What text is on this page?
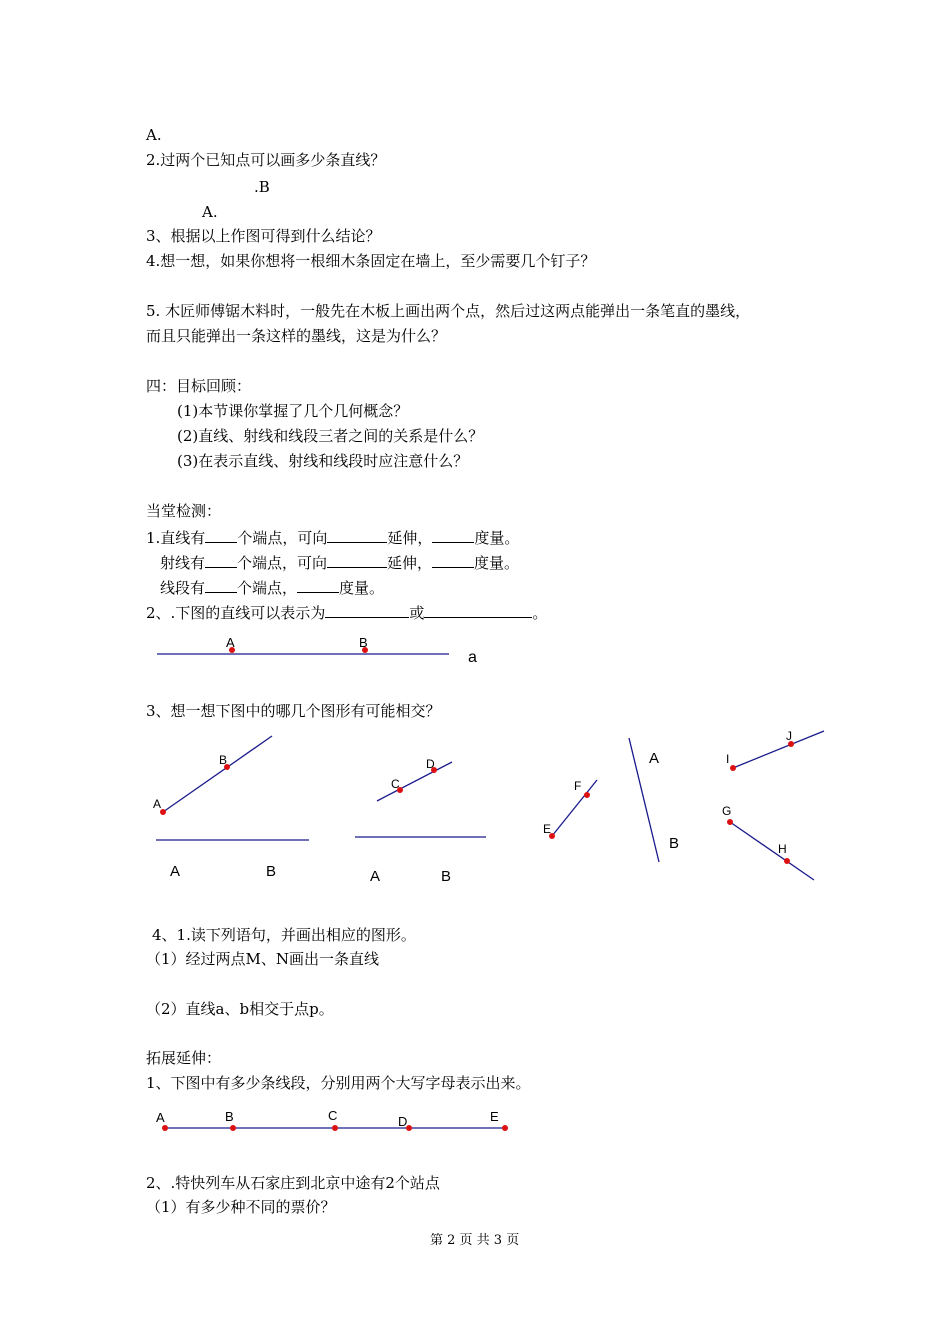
A.
2.过两个已知点可以画多少条直线？
.B
A.
3、根据以上作图可得到什么结论？
4.想一想，如果你想将一根细木条固定在墙上，至少需要几个钉子？
5. 木匠师傅锯木料时，一般先在木板上画出两个点，然后过这两点能弹出一条笔直的墨线，
而且只能弹出一条这样的墨线，这是为什么？
四：目标回顾：
(1)本节课你掌握了几个几何概念？
(2)直线、射线和线段三者之间的关系是什么？
(3)在表示直线、射线和线段时应注意什么？
当堂检测：
1.直线有 个端点，可向	延伸，	度量。
射线有 个端点，可向	延伸，	度量。
线段有 个端点，	度量。
2、.下图的直线可以表示为	或	。
A	B
a
3、想一想下图中的哪几个图形有可能相交？
B
A
A	B
D
C
A	B
F
E
A
B
J
I
G
H
4、1.读下列语句，并画出相应的图形。
（1）经过两点M、N画出一条直线
（2）直线a、b相交于点p。
拓展延伸：
1、下图中有多少条线段，分别用两个大写字母表示出来。
A	B	C	D	E
2、.特快列车从石家庄到北京中途有2个站点
（1）有多少种不同的票价？
第 2 页 共 3 页
